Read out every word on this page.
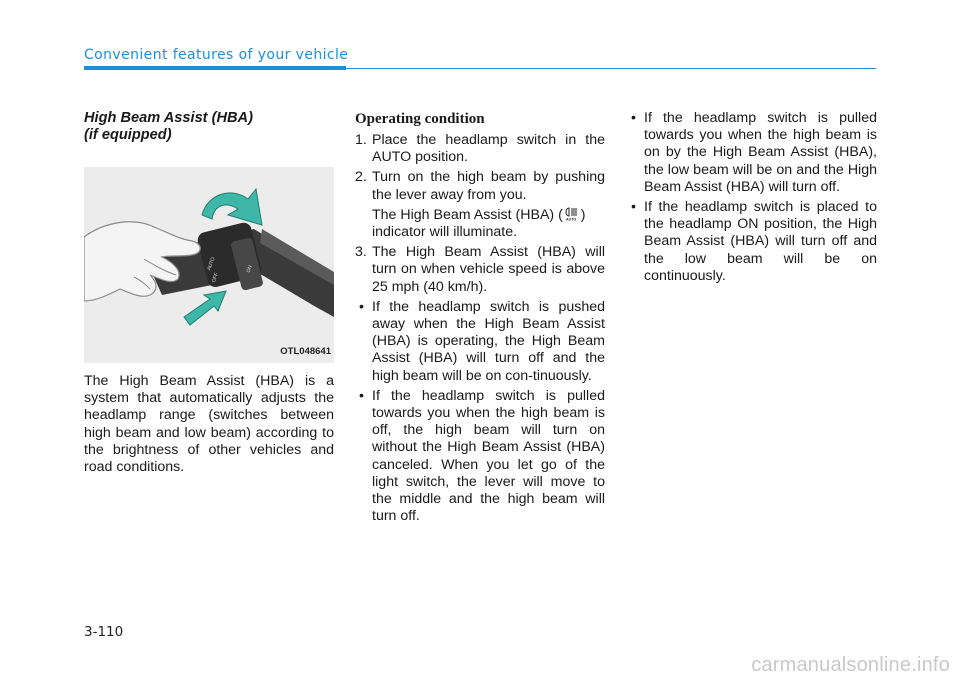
Convenient features of your vehicle
High Beam Assist (HBA)
(if equipped)
AUTO
OFF
ON
OTL048641

The High Beam Assist (HBA) is a system that automatically adjusts the headlamp range (switches between high beam and low beam) according to the brightness of other vehicles and road conditions.

Operating condition
1. Place the headlamp switch in the AUTO position.
2. Turn on the high beam by pushing the lever away from you.
The High Beam Assist (HBA) ( AUTO ) indicator will illuminate.
3. The High Beam Assist (HBA) will turn on when vehicle speed is above 25 mph (40 km/h).
• If the headlamp switch is pushed away when the High Beam Assist (HBA) is operating, the High Beam Assist (HBA) will turn off and the high beam will be on con-tinuously.
• If the headlamp switch is pulled towards you when the high beam is off, the high beam will turn on without the High Beam Assist (HBA) canceled. When you let go of the light switch, the lever will move to the middle and the high beam will turn off.
• If the headlamp switch is pulled towards you when the high beam is on by the High Beam Assist (HBA), the low beam will be on and the High Beam Assist (HBA) will turn off.
• If the headlamp switch is placed to the headlamp ON position, the High Beam Assist (HBA) will turn off and the low beam will be on continuously.
3-110
carmanualsonline.info
